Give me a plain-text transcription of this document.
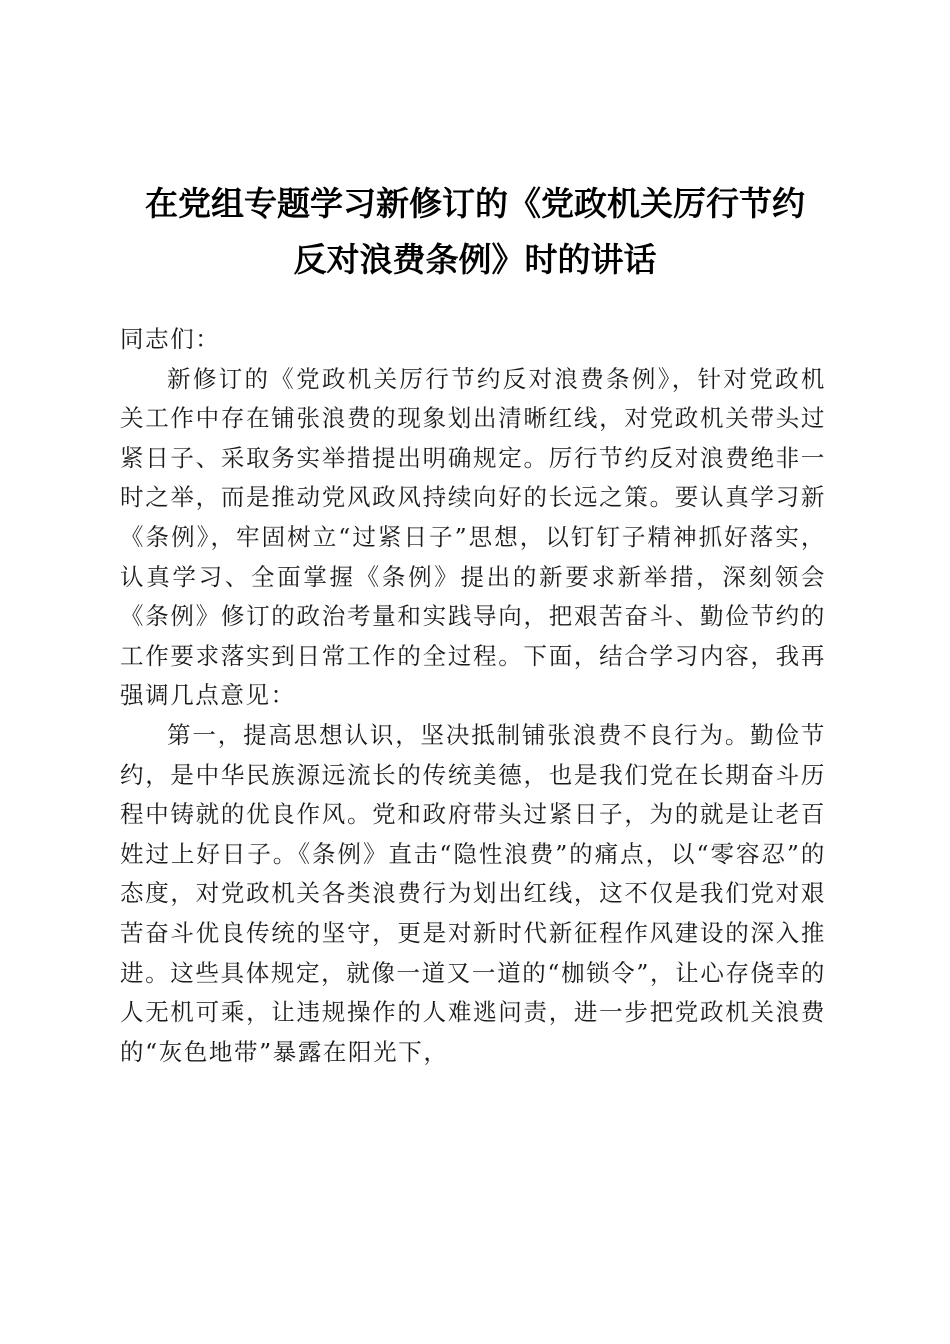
在党组专题学习新修订的《党政机关厉行节约
反对浪费条例》时的讲话

同志们：

新修订的《党政机关厉行节约反对浪费条例》，针对党政机关工作中存在铺张浪费的现象划出清晰红线，对党政机关带头过紧日子、采取务实举措提出明确规定。厉行节约反对浪费绝非一时之举，而是推动党风政风持续向好的长远之策。要认真学习新《条例》，牢固树立“过紧日子”思想，以钉钉子精神抓好落实，认真学习、全面掌握《条例》提出的新要求新举措，深刻领会《条例》修订的政治考量和实践导向，把艰苦奋斗、勤俭节约的工作要求落实到日常工作的全过程。下面，结合学习内容，我再强调几点意见：

第一，提高思想认识，坚决抵制铺张浪费不良行为。勤俭节约，是中华民族源远流长的传统美德，也是我们党在长期奋斗历程中铸就的优良作风。党和政府带头过紧日子，为的就是让老百姓过上好日子。《条例》直击“隐性浪费”的痛点，以“零容忍”的态度，对党政机关各类浪费行为划出红线，这不仅是我们党对艰苦奋斗优良传统的坚守，更是对新时代新征程作风建设的深入推进。这些具体规定，就像一道又一道的“枷锁令”，让心存侥幸的人无机可乘，让违规操作的人难逃问责，进一步把党政机关浪费的“灰色地带”暴露在阳光下，
